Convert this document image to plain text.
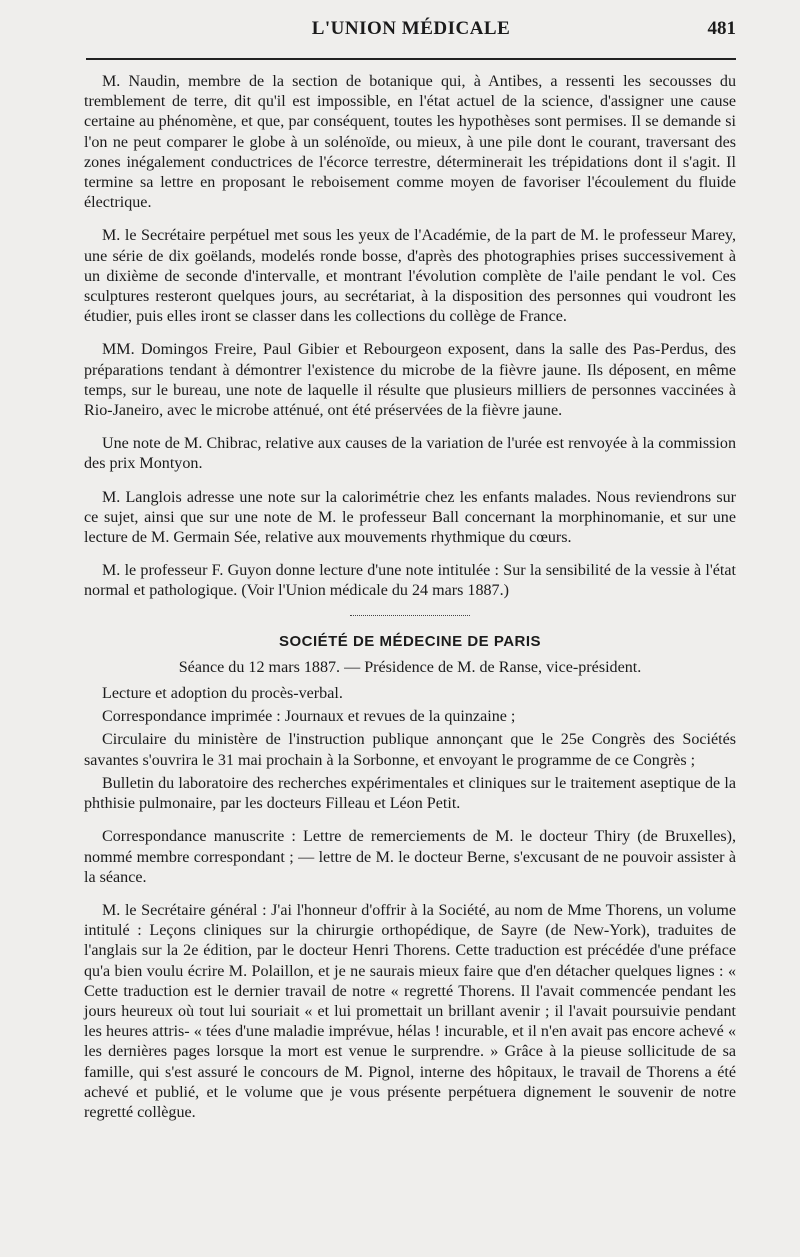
L'UNION MÉDICALE	481

M. Naudin, membre de la section de botanique qui, à Antibes, a ressenti les secousses du tremblement de terre, dit qu'il est impossible, en l'état actuel de la science, d'assigner une cause certaine au phénomène, et que, par conséquent, toutes les hypothèses sont permises. Il se demande si l'on ne peut comparer le globe à un solénoïde, ou mieux, à une pile dont le courant, traversant des zones inégalement conductrices de l'écorce terrestre, déterminerait les trépidations dont il s'agit. Il termine sa lettre en proposant le reboisement comme moyen de favoriser l'écoulement du fluide électrique.

M. le Secrétaire perpétuel met sous les yeux de l'Académie, de la part de M. le professeur Marey, une série de dix goëlands, modelés ronde bosse, d'après des photographies prises successivement à un dixième de seconde d'intervalle, et montrant l'évolution complète de l'aile pendant le vol. Ces sculptures resteront quelques jours, au secrétariat, à la disposition des personnes qui voudront les étudier, puis elles iront se classer dans les collections du collège de France.

MM. Domingos Freire, Paul Gibier et Rebourgeon exposent, dans la salle des Pas-Perdus, des préparations tendant à démontrer l'existence du microbe de la fièvre jaune. Ils déposent, en même temps, sur le bureau, une note de laquelle il résulte que plusieurs milliers de personnes vaccinées à Rio-Janeiro, avec le microbe atténué, ont été préservées de la fièvre jaune.

Une note de M. Chibrac, relative aux causes de la variation de l'urée est renvoyée à la commission des prix Montyon.

M. Langlois adresse une note sur la calorimétrie chez les enfants malades. Nous reviendrons sur ce sujet, ainsi que sur une note de M. le professeur Ball concernant la morphinomanie, et sur une lecture de M. Germain Sée, relative aux mouvements rhythmique du cœurs.

M. le professeur F. Guyon donne lecture d'une note intitulée : Sur la sensibilité de la vessie à l'état normal et pathologique. (Voir l'Union médicale du 24 mars 1887.)

SOCIÉTÉ DE MÉDECINE DE PARIS
Séance du 12 mars 1887. — Présidence de M. de Ranse, vice-président.

Lecture et adoption du procès-verbal.

Correspondance imprimée : Journaux et revues de la quinzaine ;

Circulaire du ministère de l'instruction publique annonçant que le 25e Congrès des Sociétés savantes s'ouvrira le 31 mai prochain à la Sorbonne, et envoyant le programme de ce Congrès ;

Bulletin du laboratoire des recherches expérimentales et cliniques sur le traitement aseptique de la phthisie pulmonaire, par les docteurs Filleau et Léon Petit.

Correspondance manuscrite : Lettre de remerciements de M. le docteur Thiry (de Bruxelles), nommé membre correspondant ; — lettre de M. le docteur Berne, s'excusant de ne pouvoir assister à la séance.

M. le Secrétaire général : J'ai l'honneur d'offrir à la Société, au nom de Mme Thorens, un volume intitulé : Leçons cliniques sur la chirurgie orthopédique, de Sayre (de New-York), traduites de l'anglais sur la 2e édition, par le docteur Henri Thorens. Cette traduction est précédée d'une préface qu'a bien voulu écrire M. Polaillon, et je ne saurais mieux faire que d'en détacher quelques lignes : « Cette traduction est le dernier travail de notre « regretté Thorens. Il l'avait commencée pendant les jours heureux où tout lui souriait « et lui promettait un brillant avenir ; il l'avait poursuivie pendant les heures attris- « tées d'une maladie imprévue, hélas ! incurable, et il n'en avait pas encore achevé « les dernières pages lorsque la mort est venue le surprendre. » Grâce à la pieuse sollicitude de sa famille, qui s'est assuré le concours de M. Pignol, interne des hôpitaux, le travail de Thorens a été achevé et publié, et le volume que je vous présente perpétuera dignement le souvenir de notre regretté collègue.
